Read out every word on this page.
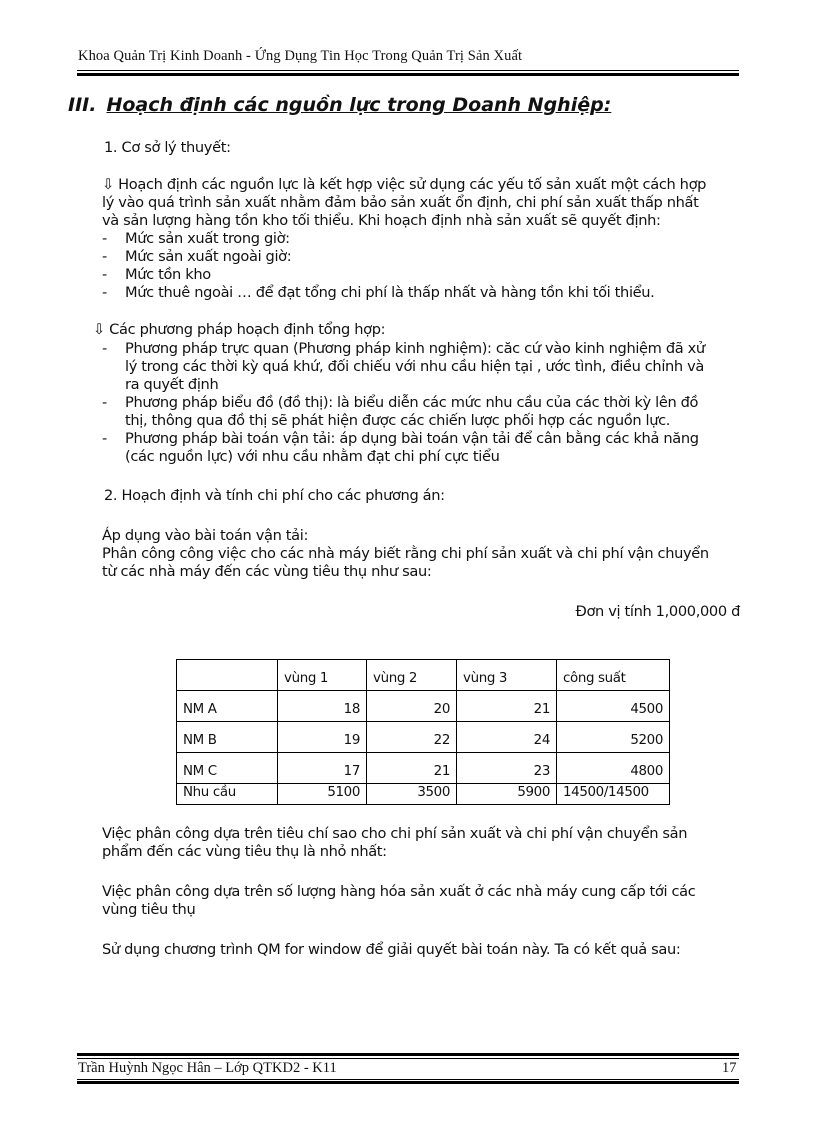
Khoa Quản Trị Kinh Doanh - Ứng Dụng Tin Học Trong Quản Trị Sản Xuất
III. Hoạch định các nguồn lực trong Doanh Nghiệp:
1. Cơ sở lý thuyết:
⇩ Hoạch định các nguồn lực là kết hợp việc sử dụng các yếu tố sản xuất một cách hợp
lý vào quá trình sản xuất nhằm đảm bảo sản xuất ổn định, chi phí sản xuất thấp nhất
và sản lượng hàng tồn kho tối thiểu. Khi hoạch định nhà sản xuất sẽ quyết định:
- Mức sản xuất trong giờ:
- Mức sản xuất ngoài giờ:
- Mức tồn kho
- Mức thuê ngoài … để đạt tổng chi phí là thấp nhất và hàng tồn khi tối thiểu.
⇩ Các phương pháp hoạch định tổng hợp:
- Phương pháp trực quan (Phương pháp kinh nghiệm): căc cứ vào kinh nghiệm đã xử
lý trong các thời kỳ quá khứ, đối chiếu với nhu cầu hiện tại , ước tình, điều chỉnh và
ra quyết định
- Phương pháp biểu đồ (đồ thị): là biểu diễn các mức nhu cầu của các thời kỳ lên đồ
thị, thông qua đồ thị sẽ phát hiện được các chiến lược phối hợp các nguồn lực.
- Phương pháp bài toán vận tải: áp dụng bài toán vận tải để cân bằng các khả năng
(các nguồn lực) với nhu cầu nhằm đạt chi phí cực tiểu
2. Hoạch định và tính chi phí cho các phương án:
Áp dụng vào bài toán vận tải:
Phân công công việc cho các nhà máy biết rằng chi phí sản xuất và chi phí vận chuyển
từ các nhà máy đến các vùng tiêu thụ như sau:
Đơn vị tính 1,000,000 đ
	vùng 1	vùng 2	vùng 3	công suất
NM A	18	20	21	4500
NM B	19	22	24	5200
NM C	17	21	23	4800
Nhu cầu	5100	3500	5900	14500/14500
Việc phân công dựa trên tiêu chí sao cho chi phí sản xuất và chi phí vận chuyển sản
phẩm đến các vùng tiêu thụ là nhỏ nhất:
Việc phân công dựa trên số lượng hàng hóa sản xuất ở các nhà máy cung cấp tới các
vùng tiêu thụ
Sử dụng chương trình QM for window để giải quyết bài toán này. Ta có kết quả sau:
Trần Huỳnh Ngọc Hân – Lớp QTKD2 - K11	17
